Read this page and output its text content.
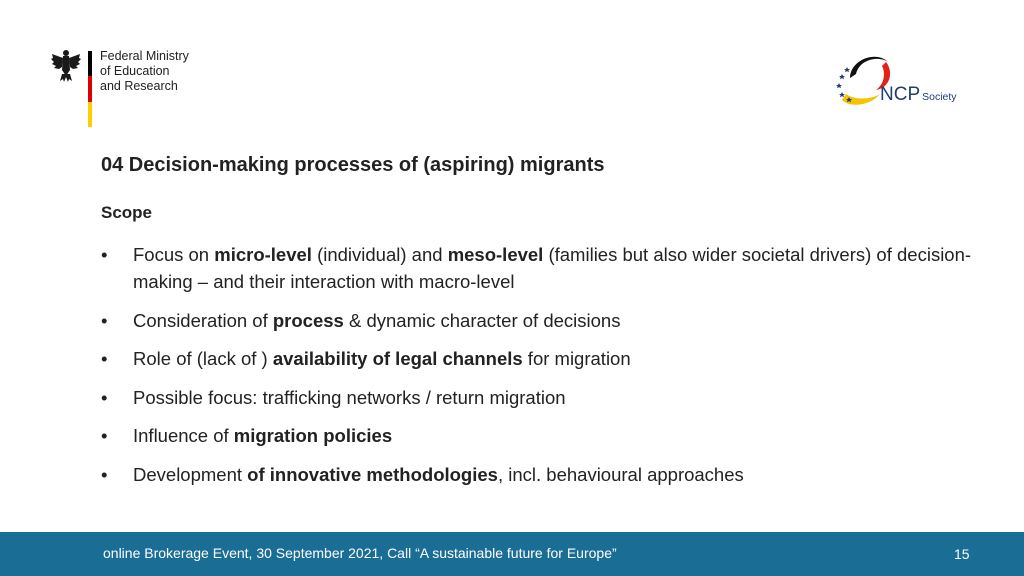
Federal Ministry
of Education
and Research	NCP Society
04 Decision-making processes of (aspiring) migrants
Scope
• Focus on micro-level (individual) and meso-level (families but also wider societal drivers) of decision-making – and their interaction with macro-level
• Consideration of process & dynamic character of decisions
• Role of (lack of ) availability of legal channels for migration
• Possible focus: trafficking networks / return migration
• Influence of migration policies
• Development of innovative methodologies, incl. behavioural approaches
online Brokerage Event, 30 September 2021, Call “A sustainable future for Europe”	15
